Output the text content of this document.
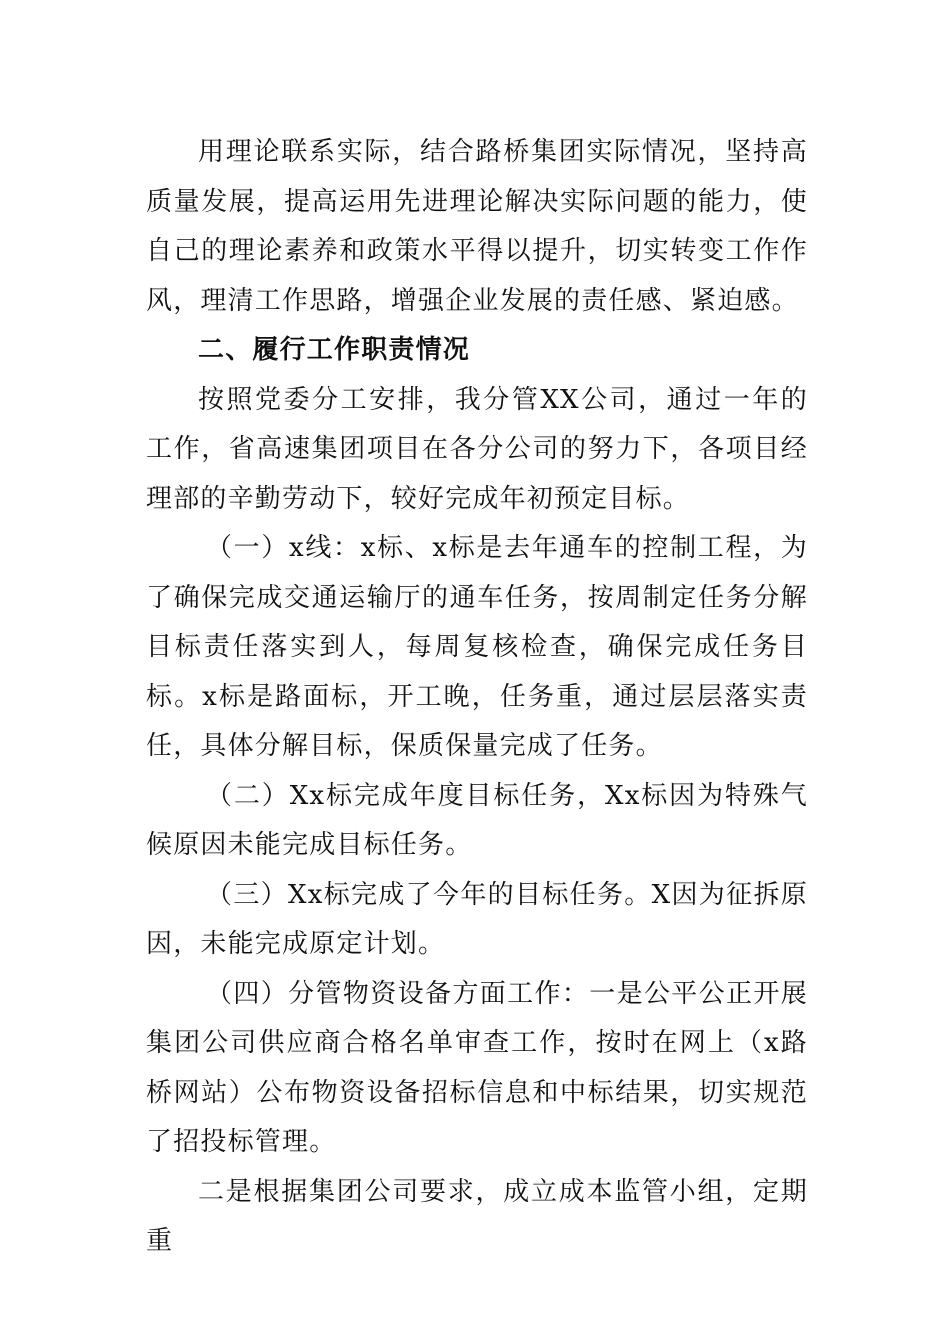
用理论联系实际，结合路桥集团实际情况，坚持高质量发展，提高运用先进理论解决实际问题的能力，使自己的理论素养和政策水平得以提升，切实转变工作作风，理清工作思路，增强企业发展的责任感、紧迫感。

二、履行工作职责情况

按照党委分工安排，我分管XX公司，通过一年的工作，省高速集团项目在各分公司的努力下，各项目经理部的辛勤劳动下，较好完成年初预定目标。

（一）x线：x标、x标是去年通车的控制工程，为了确保完成交通运输厅的通车任务，按周制定任务分解目标责任落实到人，每周复核检查，确保完成任务目标。x标是路面标，开工晚，任务重，通过层层落实责任，具体分解目标，保质保量完成了任务。

（二）Xx标完成年度目标任务，Xx标因为特殊气候原因未能完成目标任务。

（三）Xx标完成了今年的目标任务。X因为征拆原因，未能完成原定计划。

（四）分管物资设备方面工作：一是公平公正开展集团公司供应商合格名单审查工作，按时在网上（x路桥网站）公布物资设备招标信息和中标结果，切实规范了招投标管理。

二是根据集团公司要求，成立成本监管小组，定期重
